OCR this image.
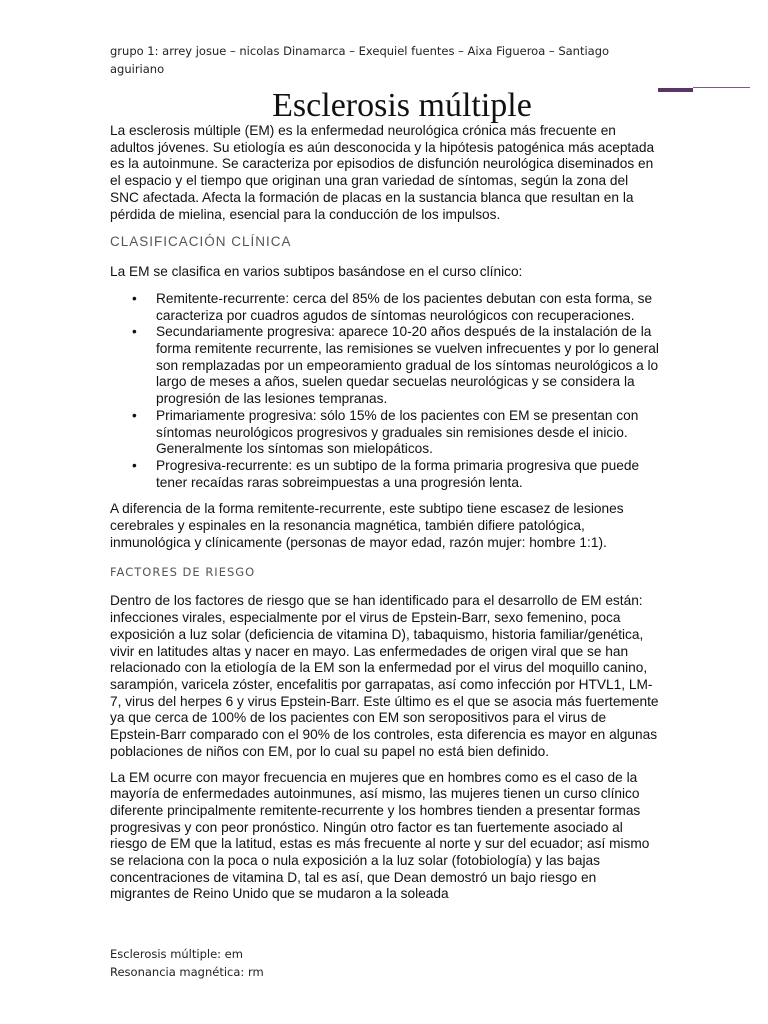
grupo 1: arrey josue – nicolas Dinamarca – Exequiel fuentes – Aixa Figueroa – Santiago aguiriano
Esclerosis múltiple

La esclerosis múltiple (EM) es la enfermedad neurológica crónica más frecuente en adultos jóvenes. Su etiología es aún desconocida y la hipótesis patogénica más aceptada es la autoinmune. Se caracteriza por episodios de disfunción neurológica diseminados en el espacio y el tiempo que originan una gran variedad de síntomas, según la zona del SNC afectada. Afecta la formación de placas en la sustancia blanca que resultan en la pérdida de mielina, esencial para la conducción de los impulsos.

CLASIFICACIÓN CLÍNICA

La EM se clasifica en varios subtipos basándose en el curso clínico:

• Remitente-recurrente: cerca del 85% de los pacientes debutan con esta forma, se caracteriza por cuadros agudos de síntomas neurológicos con recuperaciones.
• Secundariamente progresiva: aparece 10-20 años después de la instalación de la forma remitente recurrente, las remisiones se vuelven infrecuentes y por lo general son remplazadas por un empeoramiento gradual de los síntomas neurológicos a lo largo de meses a años, suelen quedar secuelas neurológicas y se considera la progresión de las lesiones tempranas.
• Primariamente progresiva: sólo 15% de los pacientes con EM se presentan con síntomas neurológicos progresivos y graduales sin remisiones desde el inicio. Generalmente los síntomas son mielopáticos.
• Progresiva-recurrente: es un subtipo de la forma primaria progresiva que puede tener recaídas raras sobreimpuestas a una progresión lenta.

A diferencia de la forma remitente-recurrente, este subtipo tiene escasez de lesiones cerebrales y espinales en la resonancia magnética, también difiere patológica, inmunológica y clínicamente (personas de mayor edad, razón mujer: hombre 1:1).

FACTORES DE RIESGO

Dentro de los factores de riesgo que se han identificado para el desarrollo de EM están: infecciones virales, especialmente por el virus de Epstein-Barr, sexo femenino, poca exposición a luz solar (deficiencia de vitamina D), tabaquismo, historia familiar/genética, vivir en latitudes altas y nacer en mayo. Las enfermedades de origen viral que se han relacionado con la etiología de la EM son la enfermedad por el virus del moquillo canino, sarampión, varicela zóster, encefalitis por garrapatas, así como infección por HTVL1, LM-7, virus del herpes 6 y virus Epstein-Barr. Este último es el que se asocia más fuertemente ya que cerca de 100% de los pacientes con EM son seropositivos para el virus de Epstein-Barr comparado con el 90% de los controles, esta diferencia es mayor en algunas poblaciones de niños con EM, por lo cual su papel no está bien definido.

La EM ocurre con mayor frecuencia en mujeres que en hombres como es el caso de la mayoría de enfermedades autoinmunes, así mismo, las mujeres tienen un curso clínico diferente principalmente remitente-recurrente y los hombres tienden a presentar formas progresivas y con peor pronóstico. Ningún otro factor es tan fuertemente asociado al riesgo de EM que la latitud, estas es más frecuente al norte y sur del ecuador; así mismo se relaciona con la poca o nula exposición a la luz solar (fotobiología) y las bajas concentraciones de vitamina D, tal es así, que Dean demostró un bajo riesgo en migrantes de Reino Unido que se mudaron a la soleada

Esclerosis múltiple: em
Resonancia magnética: rm
